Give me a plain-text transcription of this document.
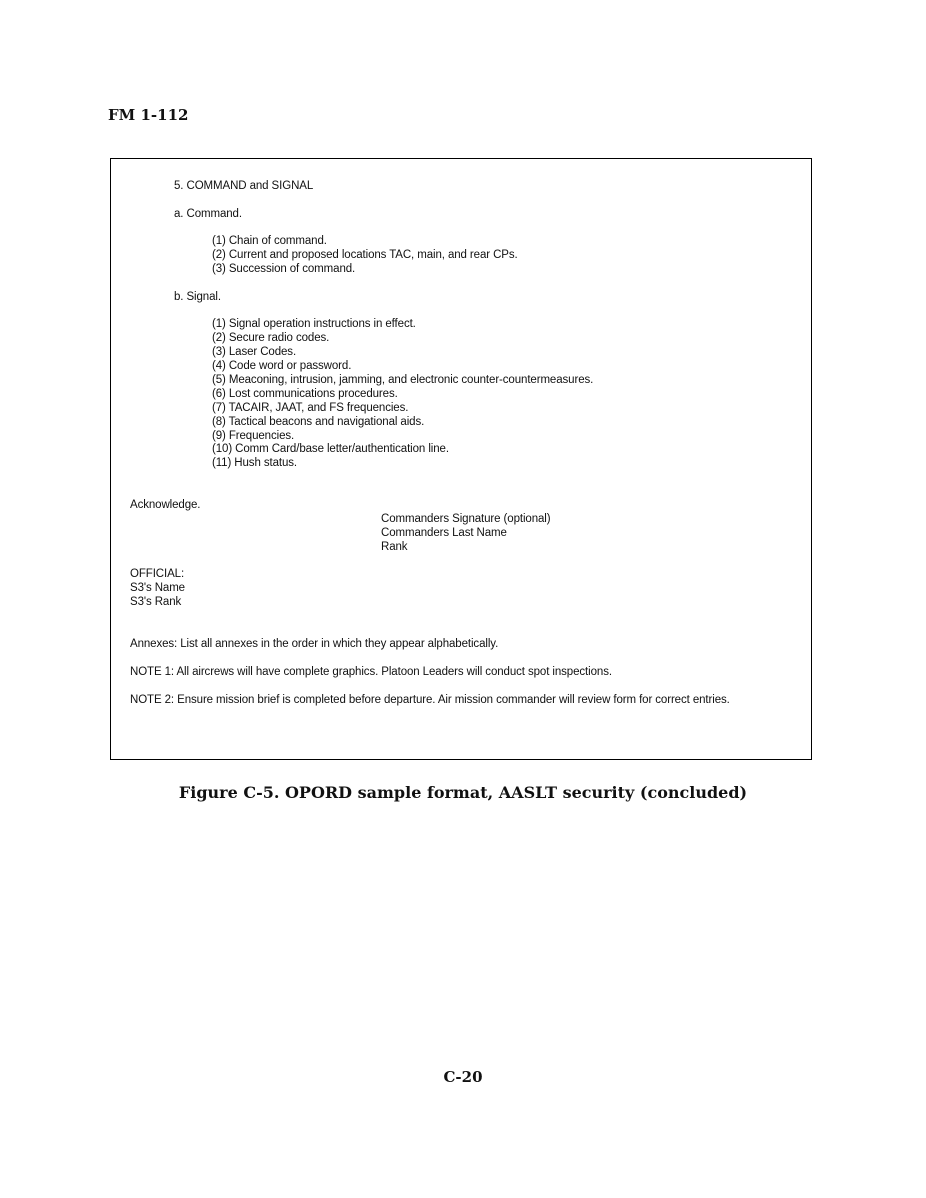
FM 1-112
5. COMMAND and SIGNAL
a. Command.
(1) Chain of command.
(2) Current and proposed locations TAC, main, and rear CPs.
(3) Succession of command.
b. Signal.
(1) Signal operation instructions in effect.
(2) Secure radio codes.
(3) Laser Codes.
(4) Code word or password.
(5) Meaconing, intrusion, jamming, and electronic counter-countermeasures.
(6) Lost communications procedures.
(7) TACAIR, JAAT, and FS frequencies.
(8) Tactical beacons and navigational aids.
(9) Frequencies.
(10) Comm Card/base letter/authentication line.
(11) Hush status.
Acknowledge.
Commanders Signature (optional)
Commanders Last Name
Rank
OFFICIAL:
S3's Name
S3's Rank
Annexes: List all annexes in the order in which they appear alphabetically.
NOTE 1: All aircrews will have complete graphics. Platoon Leaders will conduct spot inspections.
NOTE 2: Ensure mission brief is completed before departure. Air mission commander will review form for correct entries.
Figure C-5. OPORD sample format, AASLT security (concluded)
C-20
